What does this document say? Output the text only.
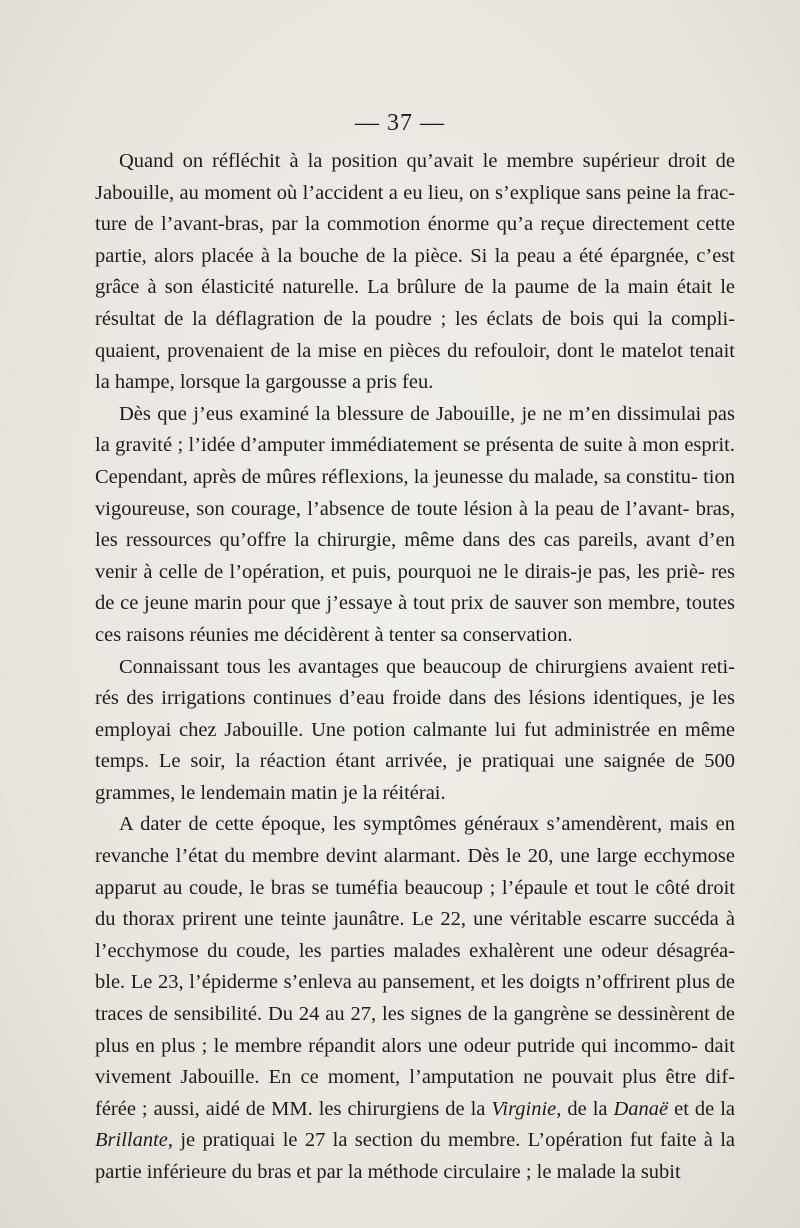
— 37 —

Quand on réfléchit à la position qu’avait le membre supérieur droit de Jabouille, au moment où l’accident a eu lieu, on s’explique sans peine la frac- ture de l’avant-bras, par la commotion énorme qu’a reçue directement cette partie, alors placée à la bouche de la pièce. Si la peau a été épargnée, c’est grâce à son élasticité naturelle. La brûlure de la paume de la main était le résultat de la déflagration de la poudre ; les éclats de bois qui la compli- quaient, provenaient de la mise en pièces du refouloir, dont le matelot tenait la hampe, lorsque la gargousse a pris feu.

Dès que j’eus examiné la blessure de Jabouille, je ne m’en dissimulai pas la gravité ; l’idée d’amputer immédiatement se présenta de suite à mon esprit. Cependant, après de mûres réflexions, la jeunesse du malade, sa constitu- tion vigoureuse, son courage, l’absence de toute lésion à la peau de l’avant- bras, les ressources qu’offre la chirurgie, même dans des cas pareils, avant d’en venir à celle de l’opération, et puis, pourquoi ne le dirais-je pas, les priè- res de ce jeune marin pour que j’essaye à tout prix de sauver son membre, toutes ces raisons réunies me décidèrent à tenter sa conservation.

Connaissant tous les avantages que beaucoup de chirurgiens avaient reti- rés des irrigations continues d’eau froide dans des lésions identiques, je les employai chez Jabouille. Une potion calmante lui fut administrée en même temps. Le soir, la réaction étant arrivée, je pratiquai une saignée de 500 grammes, le lendemain matin je la réitérai.

A dater de cette époque, les symptômes généraux s’amendèrent, mais en revanche l’état du membre devint alarmant. Dès le 20, une large ecchymose apparut au coude, le bras se tuméfia beaucoup ; l’épaule et tout le côté droit du thorax prirent une teinte jaunâtre. Le 22, une véritable escarre succéda à l’ecchymose du coude, les parties malades exhalèrent une odeur désagréa- ble. Le 23, l’épiderme s’enleva au pansement, et les doigts n’offrirent plus de traces de sensibilité. Du 24 au 27, les signes de la gangrène se dessinèrent de plus en plus ; le membre répandit alors une odeur putride qui incommo- dait vivement Jabouille. En ce moment, l’amputation ne pouvait plus être dif- férée ; aussi, aidé de MM. les chirurgiens de la Virginie, de la Danaë et de la Brillante, je pratiquai le 27 la section du membre. L’opération fut faite à la partie inférieure du bras et par la méthode circulaire ; le malade la subit
